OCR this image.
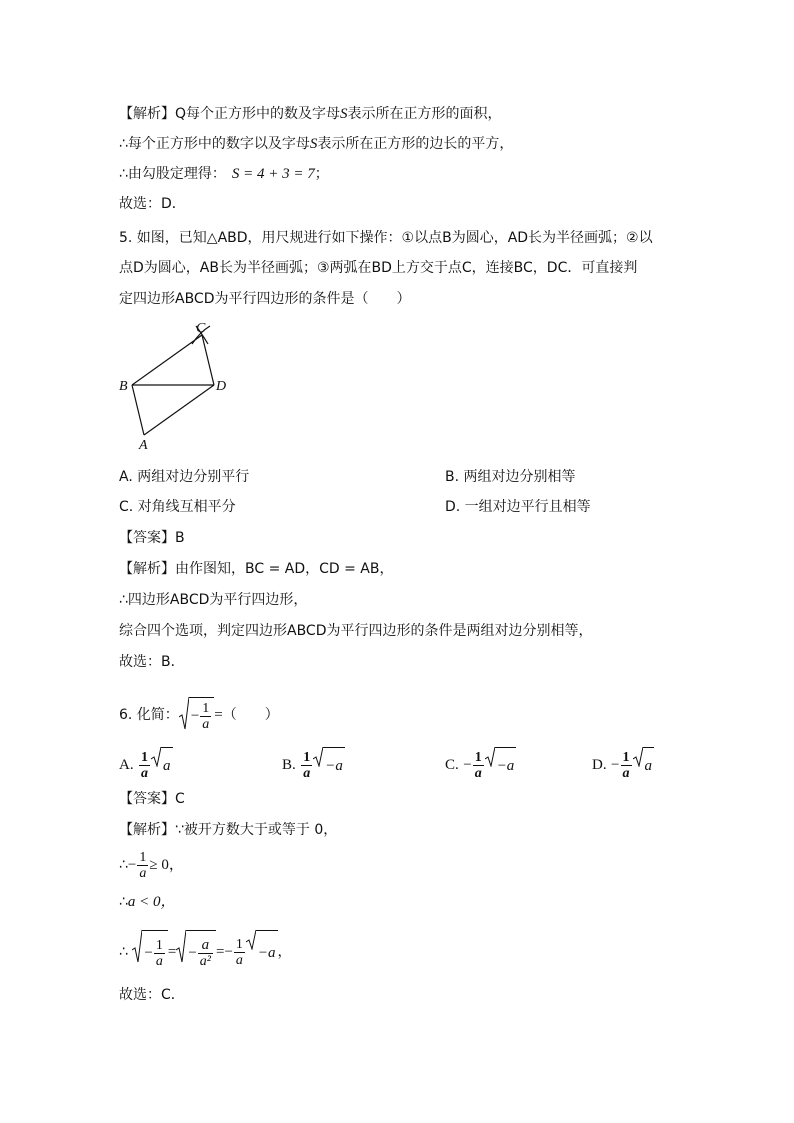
【解析】Q每个正方形中的数及字母S表示所在正方形的面积，
∴每个正方形中的数字以及字母S表示所在正方形的边长的平方，
∴由勾股定理得： S = 4 + 3 = 7；
故选：D．
5. 如图，已知△ABD，用尺规进行如下操作：①以点B为圆心，AD长为半径画弧；②以
点D为圆心，AB长为半径画弧；③两弧在BD上方交于点C，连接BC，DC．可直接判
定四边形ABCD为平行四边形的条件是（　　）
C
B	D
A
A. 两组对边分别平行	B. 两组对边分别相等
C. 对角线互相平分	D. 一组对边平行且相等
【答案】B
【解析】由作图知，BC = AD，CD = AB，
∴四边形ABCD为平行四边形，
综合四个选项，判定四边形ABCD为平行四边形的条件是两组对边分别相等，
故选：B．
6. 化简： − $\frac{1}{a}$ =（　　）
A. $\frac{1}{a}$ a	B. $\frac{1}{a} -a$	C. − $\frac{1}{a} -a$	D. − $\frac{1}{a}$ a
【答案】C
【解析】∵被开方数大于或等于 0，
∴− $\frac{1}{a} \ge 0$，
∴a < 0，
∴ − $\frac{1}{a}$ = − $\frac{a}{\text{a²}} =- \frac{1}{a} -a$ ，
故选：C．
